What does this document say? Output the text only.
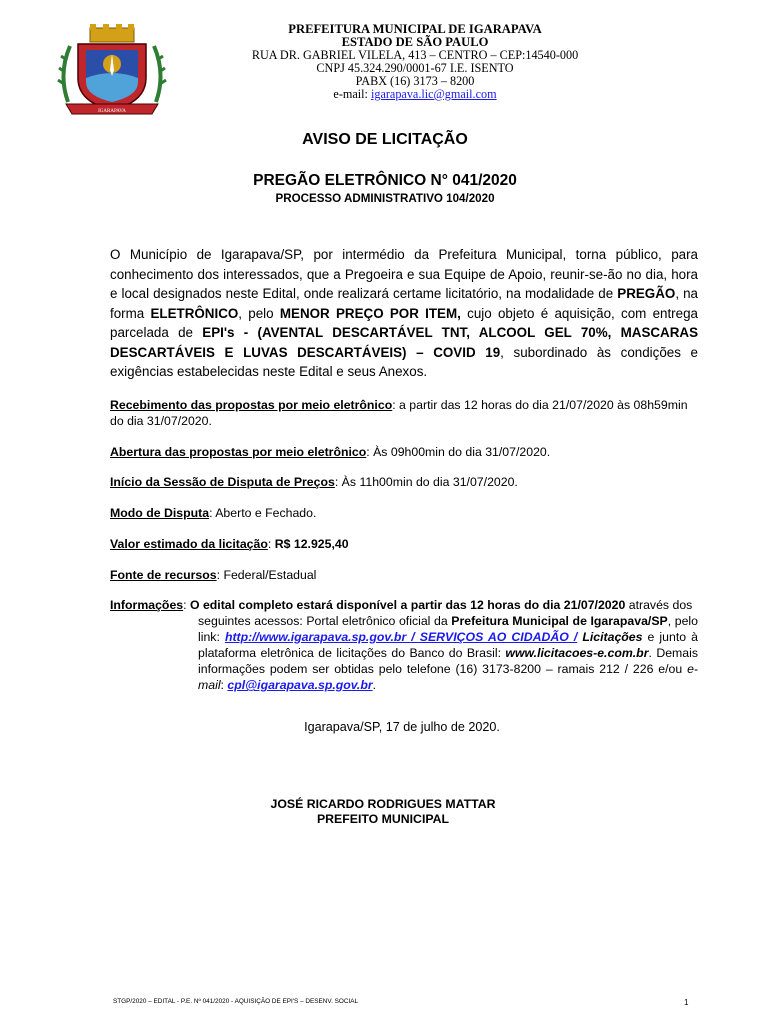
IGARAPAVA
PREFEITURA MUNICIPAL DE IGARAPAVA
ESTADO DE SÃO PAULO
RUA DR. GABRIEL VILELA, 413 – CENTRO – CEP:14540-000
CNPJ 45.324.290/0001-67 I.E. ISENTO
PABX (16) 3173 – 8200
e-mail: igarapava.lic@gmail.com
AVISO DE LICITAÇÃO
PREGÃO ELETRÔNICO N° 041/2020
PROCESSO ADMINISTRATIVO 104/2020
O Município de Igarapava/SP, por intermédio da Prefeitura Municipal, torna público, para conhecimento dos interessados, que a Pregoeira e sua Equipe de Apoio, reunir-se-ão no dia, hora e local designados neste Edital, onde realizará certame licitatório, na modalidade de PREGÃO, na forma ELETRÔNICO, pelo MENOR PREÇO POR ITEM, cujo objeto é aquisição, com entrega parcelada de EPI's - (AVENTAL DESCARTÁVEL TNT, ALCOOL GEL 70%, MASCARAS DESCARTÁVEIS E LUVAS DESCARTÁVEIS) – COVID 19, subordinado às condições e exigências estabelecidas neste Edital e seus Anexos.
Recebimento das propostas por meio eletrônico: a partir das 12 horas do dia 21/07/2020 às 08h59min do dia 31/07/2020.
Abertura das propostas por meio eletrônico: Às 09h00min do dia 31/07/2020.
Início da Sessão de Disputa de Preços: Às 11h00min do dia 31/07/2020.
Modo de Disputa: Aberto e Fechado.
Valor estimado da licitação: R$ 12.925,40
Fonte de recursos: Federal/Estadual
Informações: O edital completo estará disponível a partir das 12 horas do dia 21/07/2020 através dos
seguintes acessos: Portal eletrônico oficial da Prefeitura Municipal de Igarapava/SP, pelo link: http://www.igarapava.sp.gov.br / SERVIÇOS AO CIDADÃO / Licitações e junto à plataforma eletrônica de licitações do Banco do Brasil: www.licitacoes-e.com.br. Demais informações podem ser obtidas pelo telefone (16) 3173-8200 – ramais 212 / 226 e/ou e-mail: cpl@igarapava.sp.gov.br.
Igarapava/SP, 17 de julho de 2020.
JOSÉ RICARDO RODRIGUES MATTAR
PREFEITO MUNICIPAL
STGP/2020 – EDITAL - P.E. Nº 041/2020 - AQUISIÇÃO DE EPI'S – DESENV. SOCIAL	1
